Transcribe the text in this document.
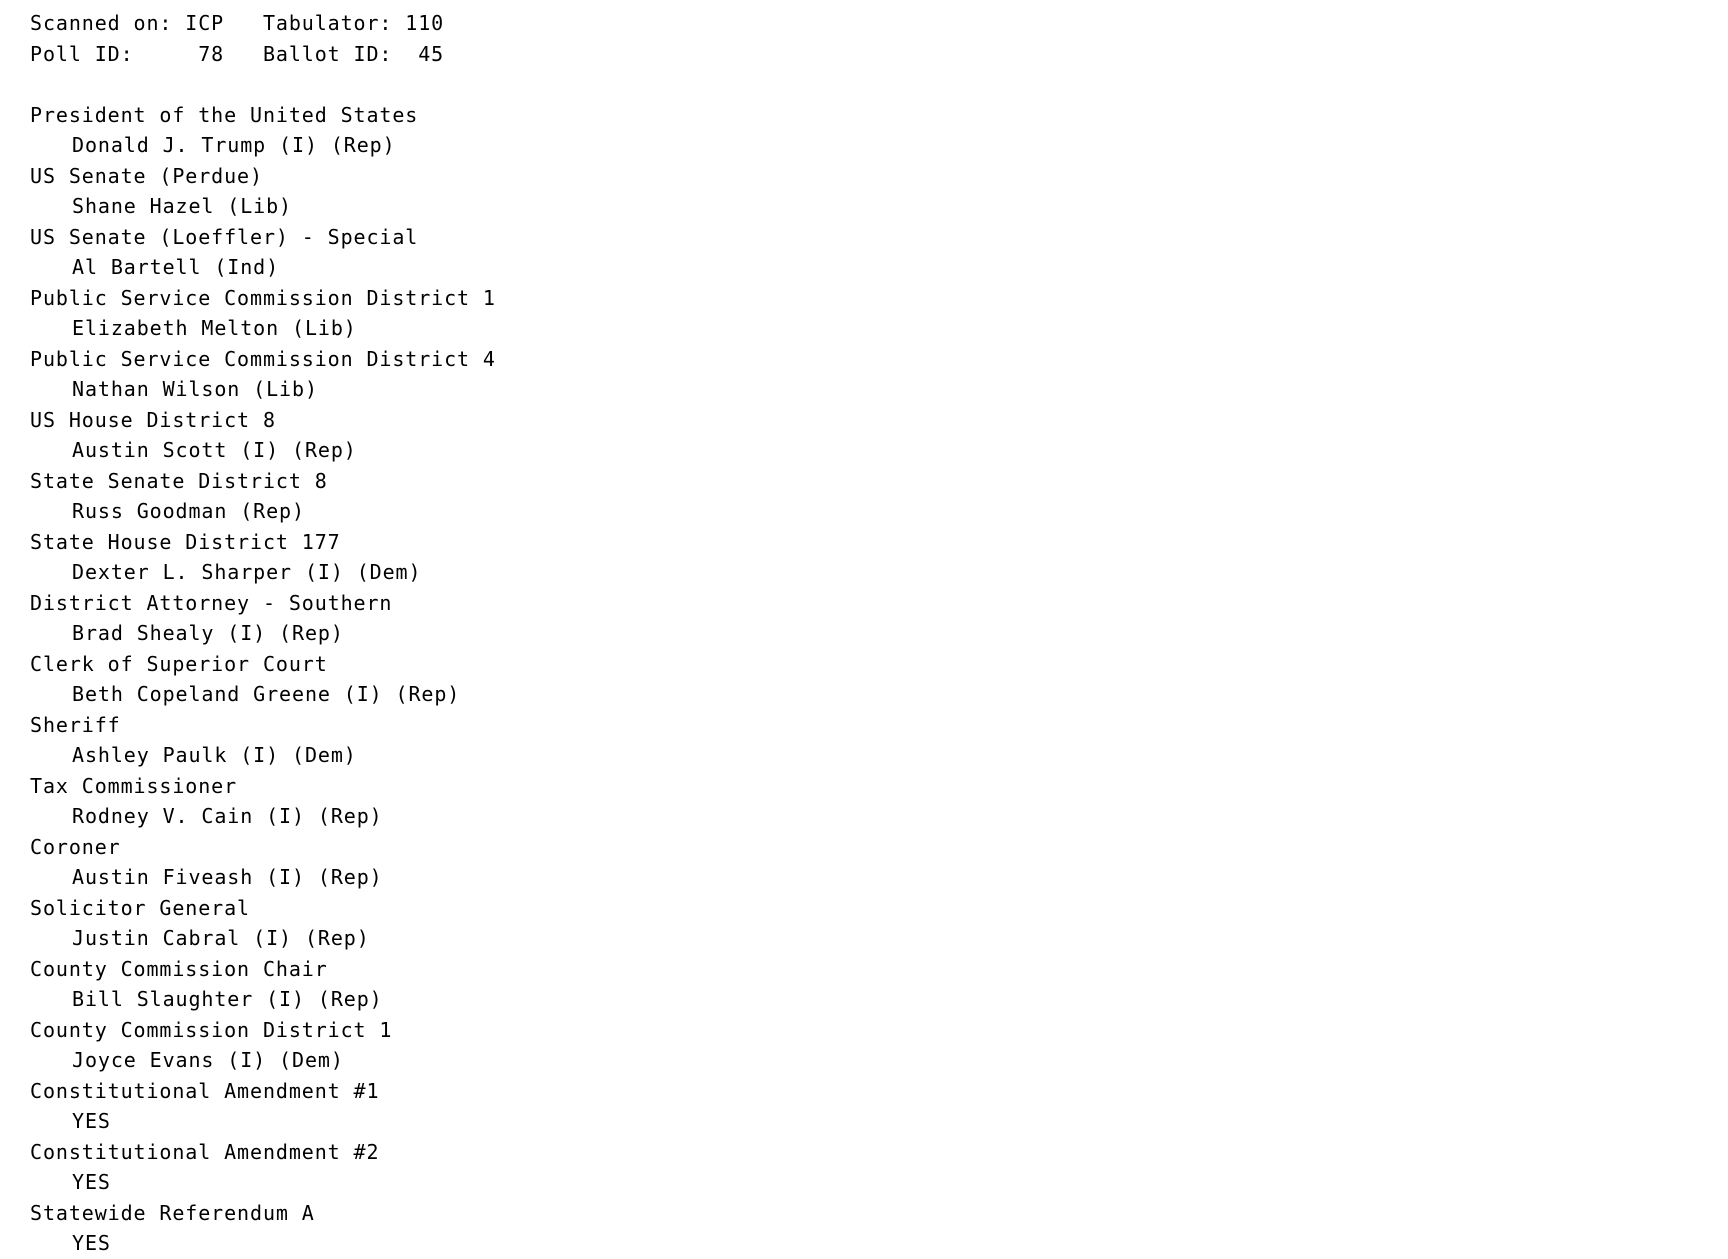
Scanned on: ICP   Tabulator: 110
Poll ID:     78   Ballot ID:  45
President of the United States
Donald J. Trump (I) (Rep)
US Senate (Perdue)
Shane Hazel (Lib)
US Senate (Loeffler) - Special
Al Bartell (Ind)
Public Service Commission District 1
Elizabeth Melton (Lib)
Public Service Commission District 4
Nathan Wilson (Lib)
US House District 8
Austin Scott (I) (Rep)
State Senate District 8
Russ Goodman (Rep)
State House District 177
Dexter L. Sharper (I) (Dem)
District Attorney - Southern
Brad Shealy (I) (Rep)
Clerk of Superior Court
Beth Copeland Greene (I) (Rep)
Sheriff
Ashley Paulk (I) (Dem)
Tax Commissioner
Rodney V. Cain (I) (Rep)
Coroner
Austin Fiveash (I) (Rep)
Solicitor General
Justin Cabral (I) (Rep)
County Commission Chair
Bill Slaughter (I) (Rep)
County Commission District 1
Joyce Evans (I) (Dem)
Constitutional Amendment #1
YES
Constitutional Amendment #2
YES
Statewide Referendum A
YES
